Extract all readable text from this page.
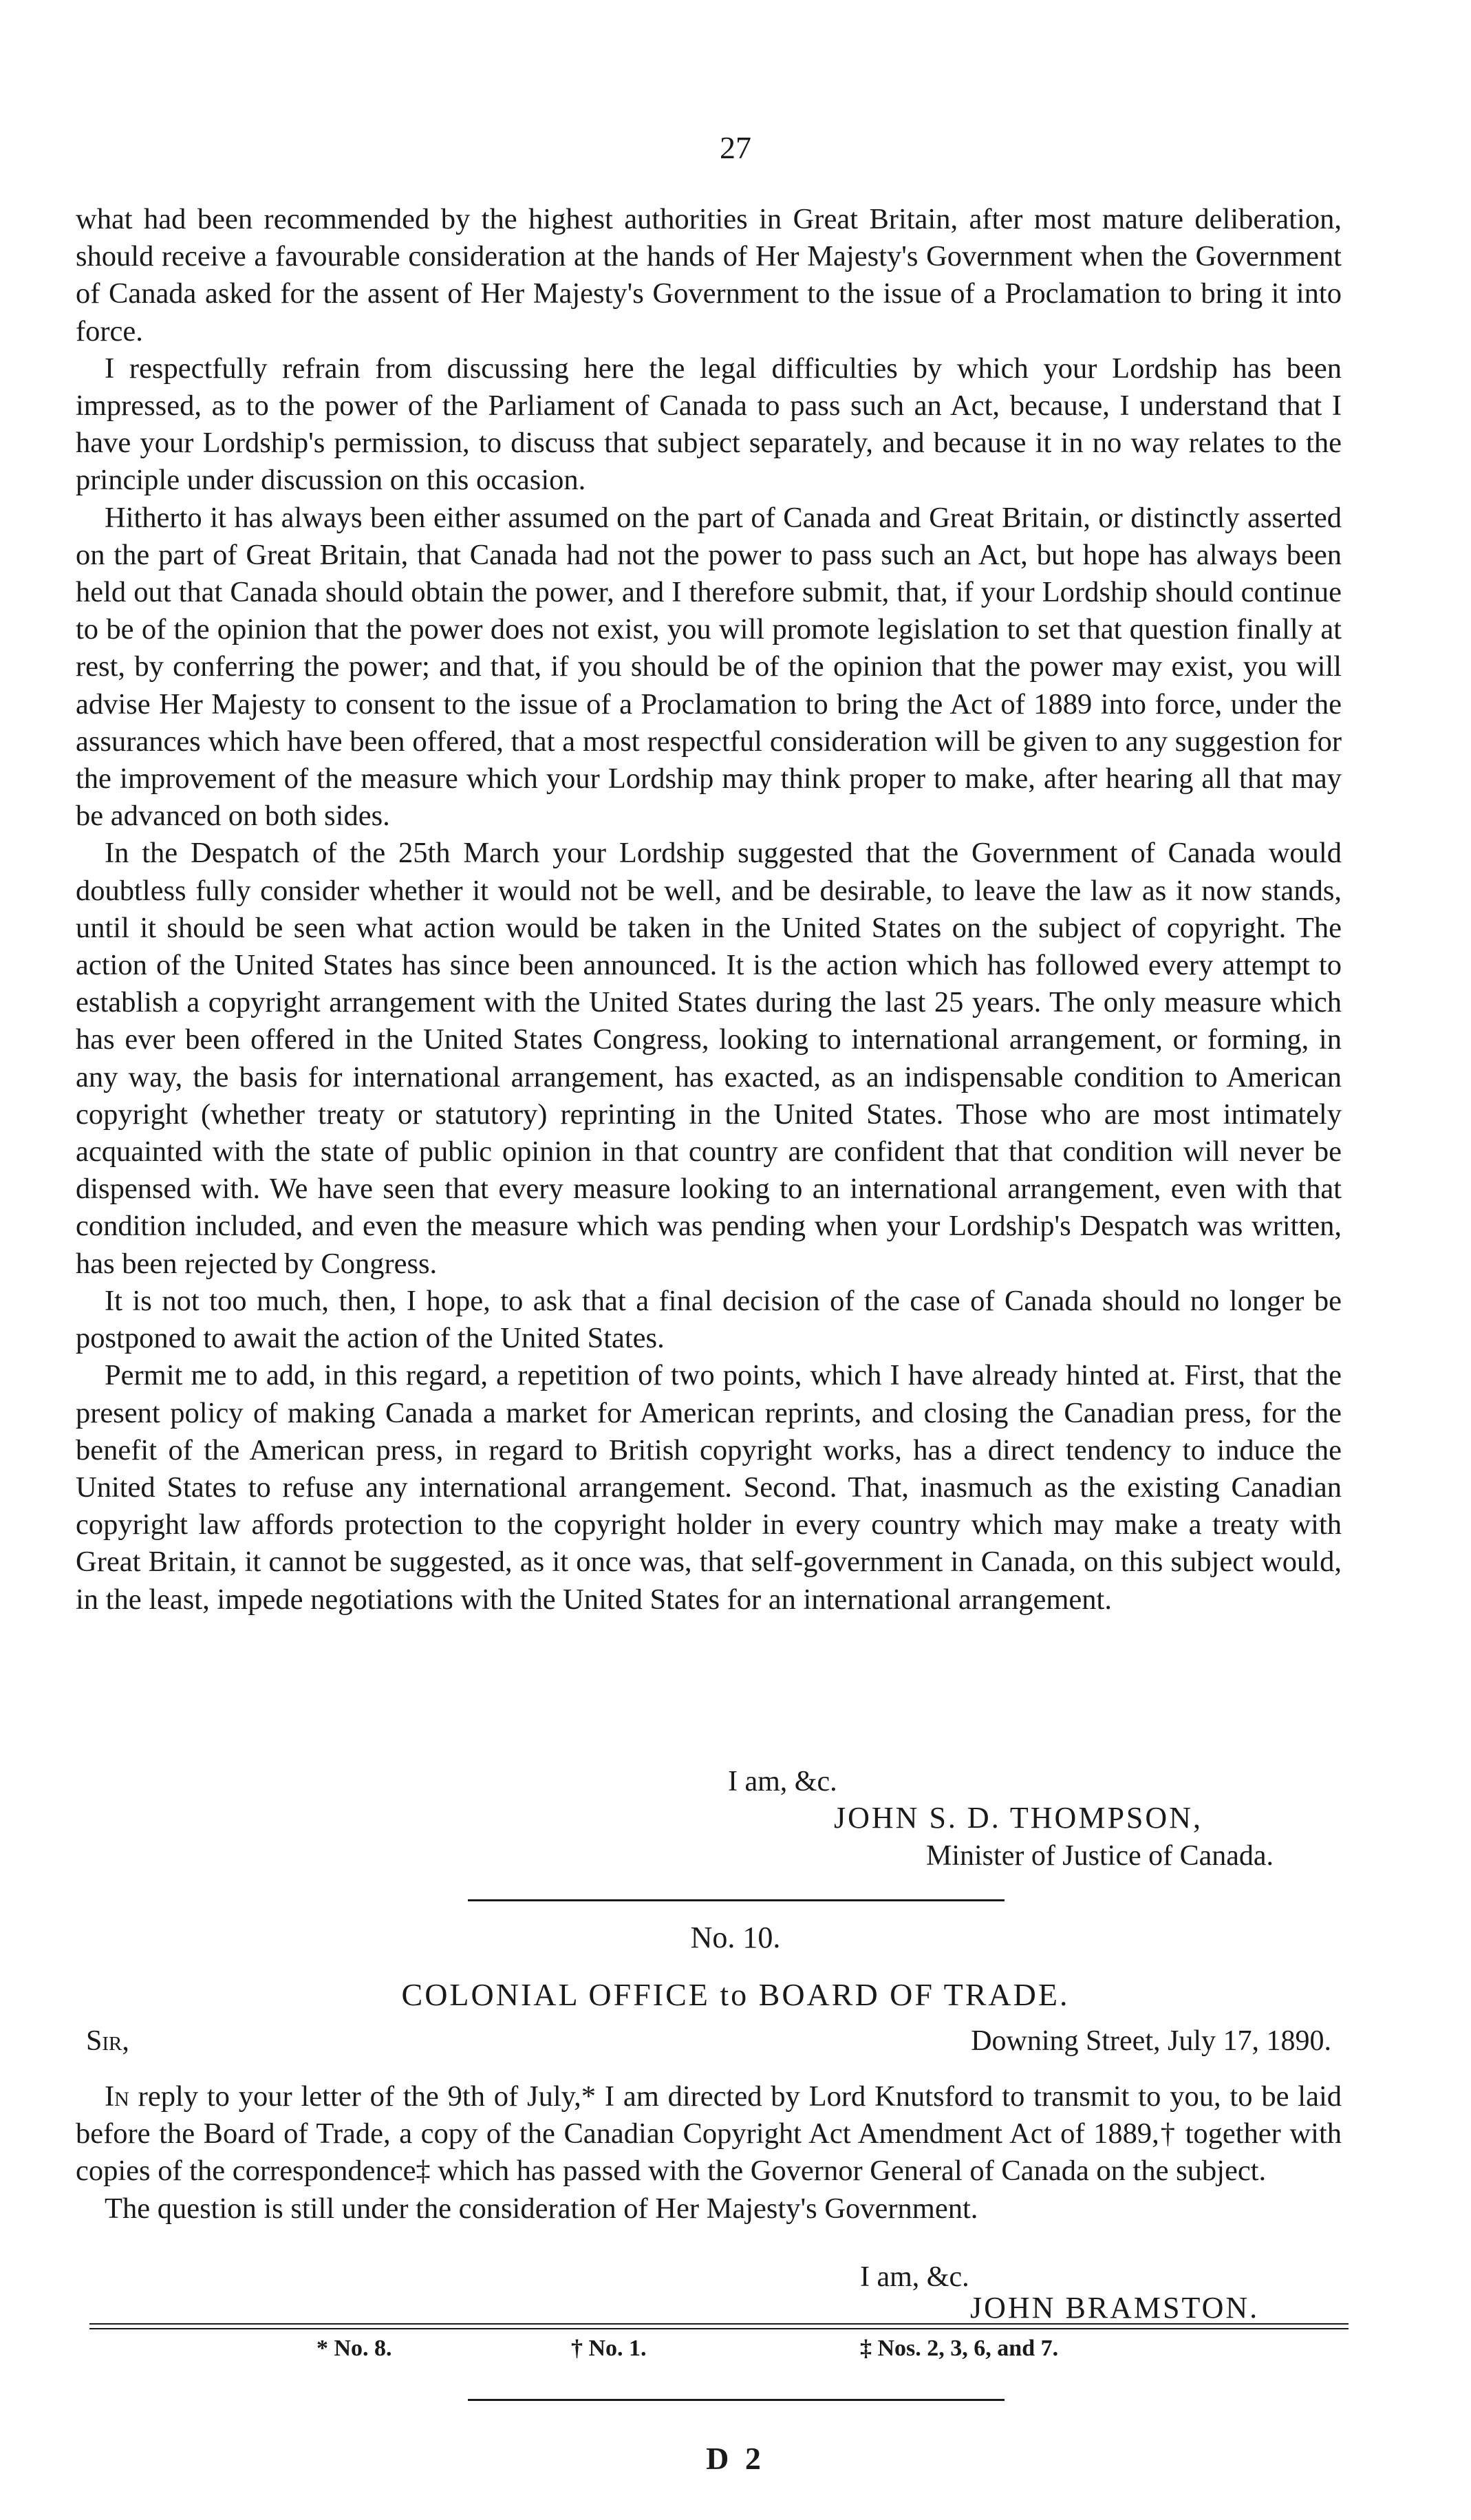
27

what had been recommended by the highest authorities in Great Britain, after most mature deliberation, should receive a favourable consideration at the hands of Her Majesty's Government when the Government of Canada asked for the assent of Her Majesty's Government to the issue of a Proclamation to bring it into force.

I respectfully refrain from discussing here the legal difficulties by which your Lordship has been impressed, as to the power of the Parliament of Canada to pass such an Act, because, I understand that I have your Lordship's permission, to discuss that subject separately, and because it in no way relates to the principle under discussion on this occasion.

Hitherto it has always been either assumed on the part of Canada and Great Britain, or distinctly asserted on the part of Great Britain, that Canada had not the power to pass such an Act, but hope has always been held out that Canada should obtain the power, and I therefore submit, that, if your Lordship should continue to be of the opinion that the power does not exist, you will promote legislation to set that question finally at rest, by conferring the power; and that, if you should be of the opinion that the power may exist, you will advise Her Majesty to consent to the issue of a Proclamation to bring the Act of 1889 into force, under the assurances which have been offered, that a most respectful consideration will be given to any suggestion for the improvement of the measure which your Lordship may think proper to make, after hearing all that may be advanced on both sides.

In the Despatch of the 25th March your Lordship suggested that the Government of Canada would doubtless fully consider whether it would not be well, and be desirable, to leave the law as it now stands, until it should be seen what action would be taken in the United States on the subject of copyright. The action of the United States has since been announced. It is the action which has followed every attempt to establish a copyright arrangement with the United States during the last 25 years. The only measure which has ever been offered in the United States Congress, looking to international arrangement, or forming, in any way, the basis for international arrangement, has exacted, as an indispensable condition to American copyright (whether treaty or statutory) reprinting in the United States. Those who are most intimately acquainted with the state of public opinion in that country are confident that that condition will never be dispensed with. We have seen that every measure looking to an international arrangement, even with that condition included, and even the measure which was pending when your Lordship's Despatch was written, has been rejected by Congress.

It is not too much, then, I hope, to ask that a final decision of the case of Canada should no longer be postponed to await the action of the United States.

Permit me to add, in this regard, a repetition of two points, which I have already hinted at. First, that the present policy of making Canada a market for American reprints, and closing the Canadian press, for the benefit of the American press, in regard to British copyright works, has a direct tendency to induce the United States to refuse any international arrangement. Second. That, inasmuch as the existing Canadian copyright law affords protection to the copyright holder in every country which may make a treaty with Great Britain, it cannot be suggested, as it once was, that self-government in Canada, on this subject would, in the least, impede negotiations with the United States for an international arrangement.

I am, &c.
JOHN S. D. THOMPSON,
Minister of Justice of Canada.
No. 10.
COLONIAL OFFICE to BOARD OF TRADE.
Sir,	Downing Street, July 17, 1890.

In reply to your letter of the 9th of July,* I am directed by Lord Knutsford to transmit to you, to be laid before the Board of Trade, a copy of the Canadian Copyright Act Amendment Act of 1889,† together with copies of the correspondence‡ which has passed with the Governor General of Canada on the subject.

The question is still under the consideration of Her Majesty's Government.

I am, &c.
JOHN BRAMSTON.
* No. 8.	† No. 1.	‡ Nos. 2, 3, 6, and 7.
D 2
